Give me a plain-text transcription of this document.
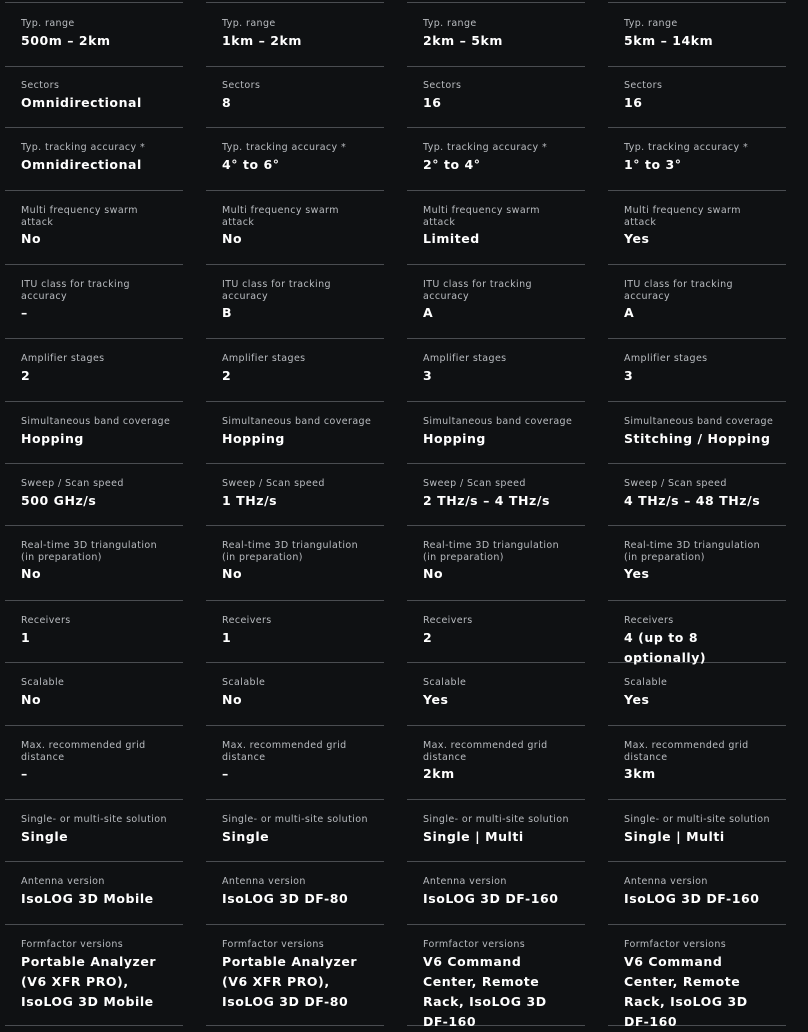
Typ. range
500m – 2km
Sectors
Omnidirectional
Typ. tracking accuracy *
Omnidirectional
Multi frequency swarm attack
No
ITU class for tracking accuracy
–
Amplifier stages
2
Simultaneous band coverage
Hopping
Sweep / Scan speed
500 GHz/s
Real-time 3D triangulation (in preparation)
No
Receivers
1
Scalable
No
Max. recommended grid distance
–
Single- or multi-site solution
Single
Antenna version
IsoLOG 3D Mobile
Formfactor versions
Portable Analyzer (V6 XFR PRO), IsoLOG 3D Mobile
Typ. range
1km – 2km
Sectors
8
Typ. tracking accuracy *
4° to 6°
Multi frequency swarm attack
No
ITU class for tracking accuracy
B
Amplifier stages
2
Simultaneous band coverage
Hopping
Sweep / Scan speed
1 THz/s
Real-time 3D triangulation (in preparation)
No
Receivers
1
Scalable
No
Max. recommended grid distance
–
Single- or multi-site solution
Single
Antenna version
IsoLOG 3D DF-80
Formfactor versions
Portable Analyzer (V6 XFR PRO), IsoLOG 3D DF-80
Typ. range
2km – 5km
Sectors
16
Typ. tracking accuracy *
2° to 4°
Multi frequency swarm attack
Limited
ITU class for tracking accuracy
A
Amplifier stages
3
Simultaneous band coverage
Hopping
Sweep / Scan speed
2 THz/s – 4 THz/s
Real-time 3D triangulation (in preparation)
No
Receivers
2
Scalable
Yes
Max. recommended grid distance
2km
Single- or multi-site solution
Single | Multi
Antenna version
IsoLOG 3D DF-160
Formfactor versions
V6 Command Center, Remote Rack, IsoLOG 3D DF-160
Typ. range
5km – 14km
Sectors
16
Typ. tracking accuracy *
1° to 3°
Multi frequency swarm attack
Yes
ITU class for tracking accuracy
A
Amplifier stages
3
Simultaneous band coverage
Stitching / Hopping
Sweep / Scan speed
4 THz/s – 48 THz/s
Real-time 3D triangulation (in preparation)
Yes
Receivers
4 (up to 8 optionally)
Scalable
Yes
Max. recommended grid distance
3km
Single- or multi-site solution
Single | Multi
Antenna version
IsoLOG 3D DF-160
Formfactor versions
V6 Command Center, Remote Rack, IsoLOG 3D DF-160
